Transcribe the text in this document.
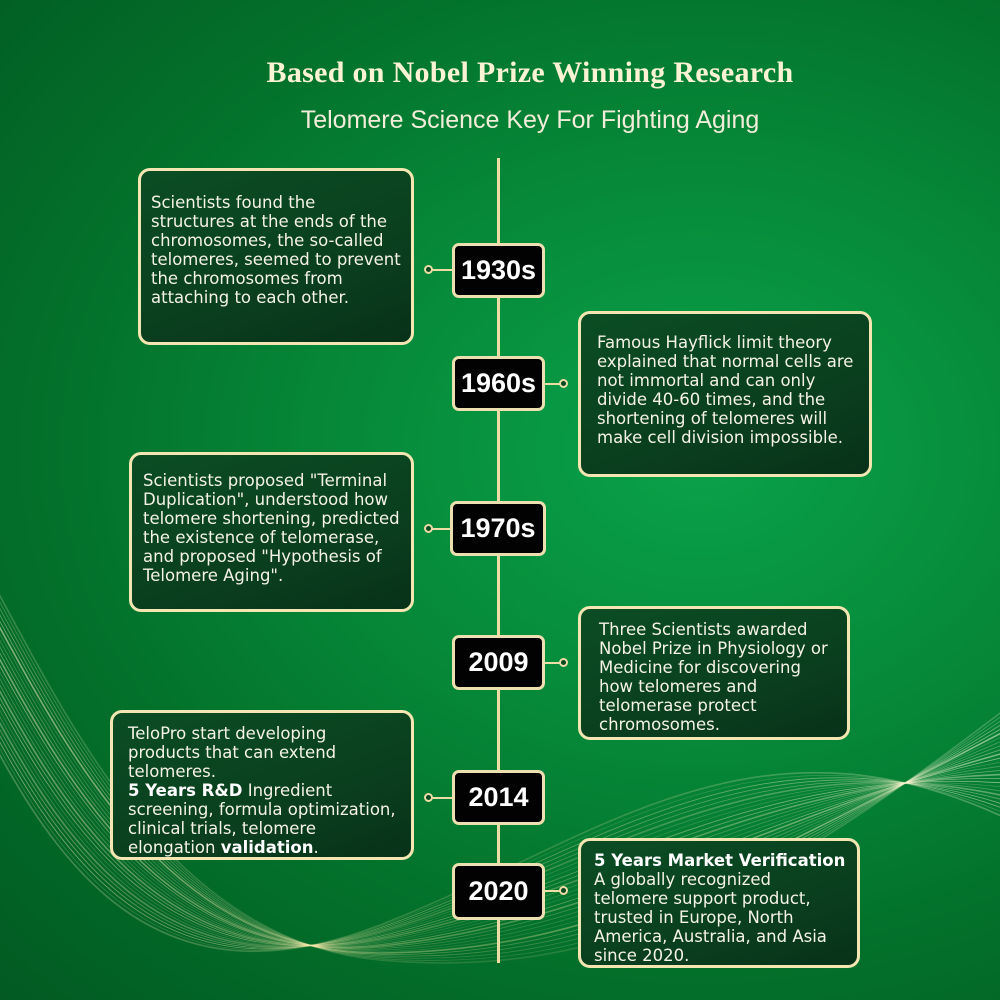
Based on Nobel Prize Winning Research
Telomere Science Key For Fighting Aging

Scientists found the structures at the ends of the chromosomes, the so-called telomeres, seemed to prevent the chromosomes from attaching to each other.

1930s

Famous Hayflick limit theory explained that normal cells are not immortal and can only divide 40-60 times, and the shortening of telomeres will make cell division impossible.

1960s

Scientists proposed "Terminal Duplication", understood how telomere shortening, predicted the existence of telomerase, and proposed "Hypothesis of Telomere Aging".

1970s

Three Scientists awarded Nobel Prize in Physiology or Medicine for discovering how telomeres and telomerase protect chromosomes.

2009

TeloPro start developing products that can extend telomeres.
5 Years R&D Ingredient screening, formula optimization, clinical trials, telomere elongation validation.

2014

5 Years Market Verification

A globally recognized telomere support product, trusted in Europe, North America, Australia, and Asia since 2020.

2020
